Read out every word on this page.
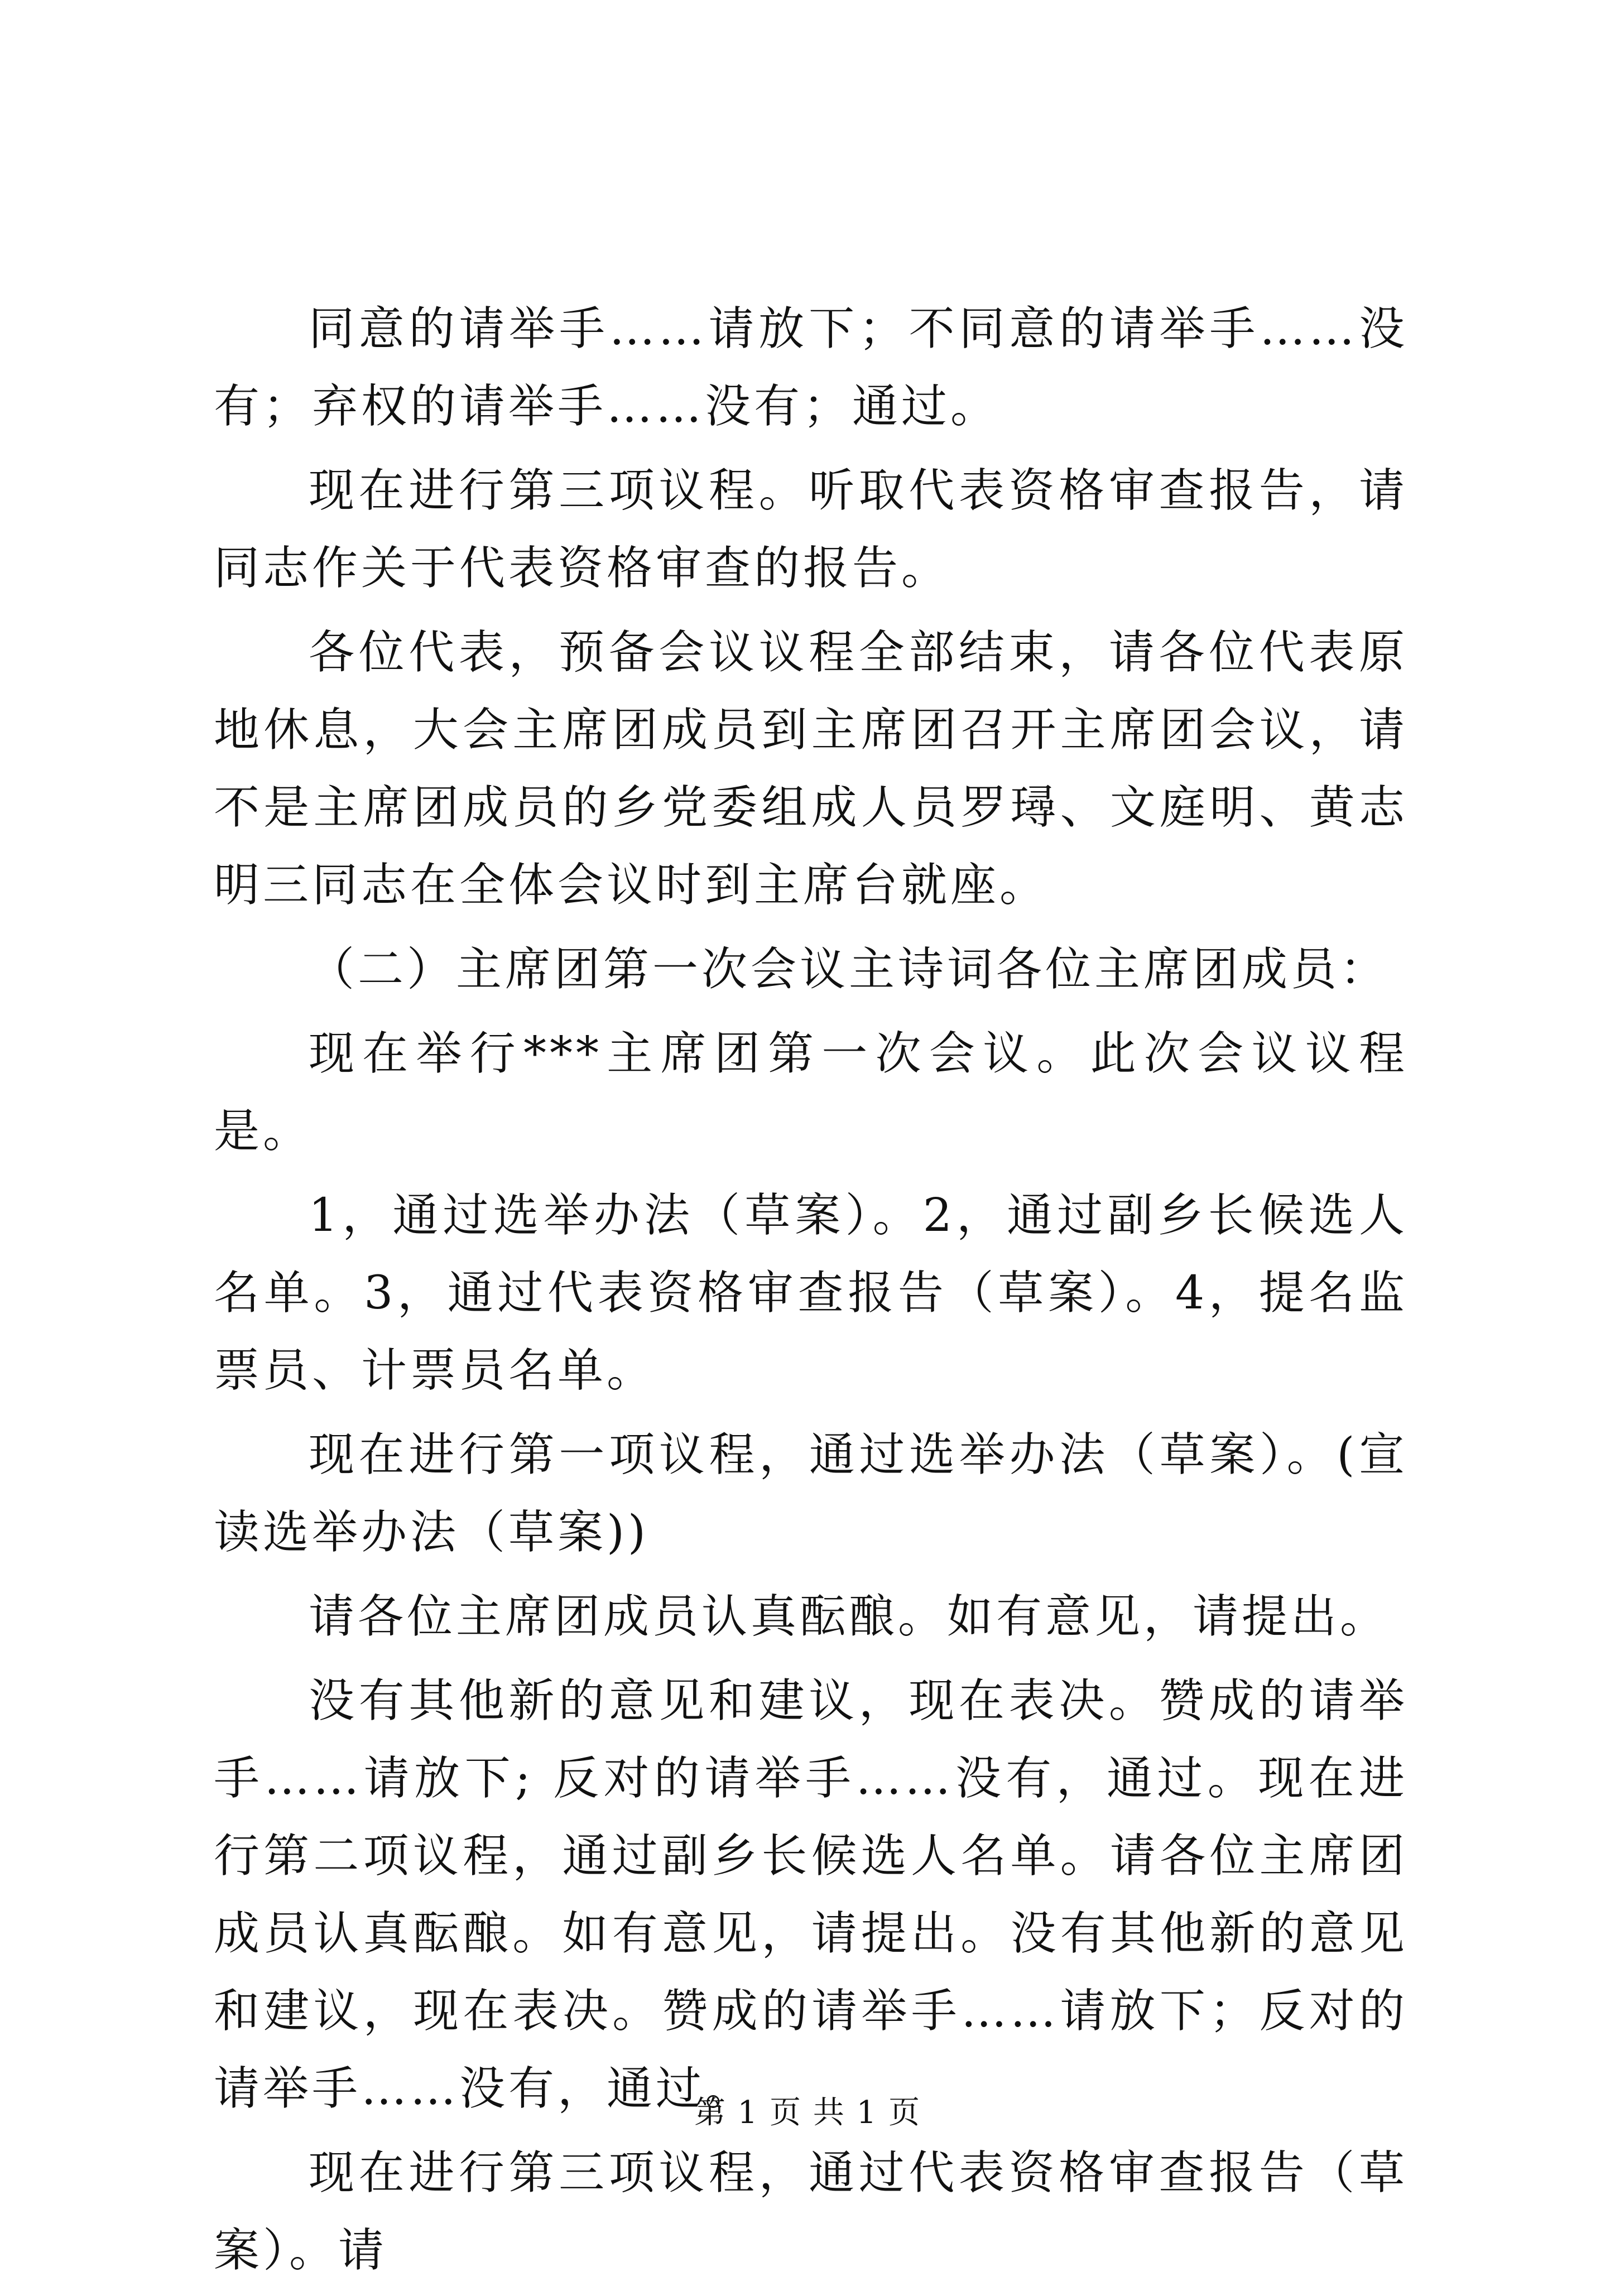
同意的请举手……请放下；不同意的请举手……没有；弃权的请举手……没有；通过。

现在进行第三项议程。听取代表资格审查报告，请同志作关于代表资格审查的报告。

各位代表，预备会议议程全部结束，请各位代表原地休息，大会主席团成员到主席团召开主席团会议，请不是主席团成员的乡党委组成人员罗璕、文庭明、黄志明三同志在全体会议时到主席台就座。

（二）主席团第一次会议主诗词各位主席团成员：

现在举行***主席团第一次会议。此次会议议程是。

1，通过选举办法（草案）。2，通过副乡长候选人名单。3，通过代表资格审查报告（草案）。4，提名监票员、计票员名单。

现在进行第一项议程，通过选举办法（草案）。(宣读选举办法（草案))

请各位主席团成员认真酝酿。如有意见，请提出。

没有其他新的意见和建议，现在表决。赞成的请举手……请放下; 反对的请举手……没有，通过。现在进行第二项议程，通过副乡长候选人名单。请各位主席团成员认真酝酿。如有意见，请提出。没有其他新的意见和建议，现在表决。赞成的请举手……请放下；反对的请举手……没有，通过。

现在进行第三项议程，通过代表资格审查报告（草案）。请

第 1 页 共 1 页
